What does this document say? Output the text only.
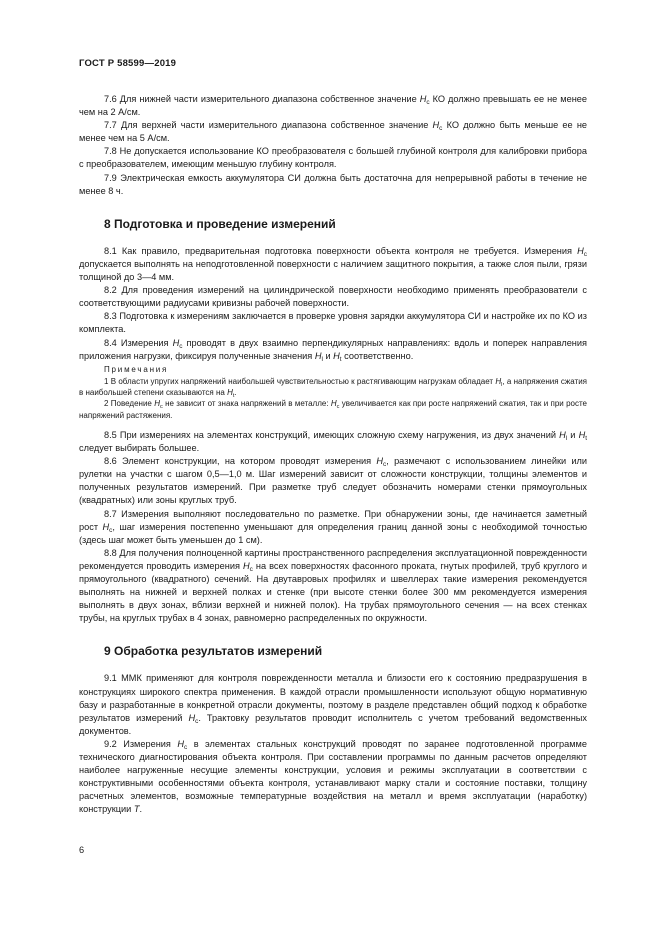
ГОСТ Р 58599—2019

7.6 Для нижней части измерительного диапазона собственное значение $H_с$ КО должно превышать ее не менее чем на 2 А/см.

7.7 Для верхней части измерительного диапазона собственное значение $H_с$ КО должно быть меньше ее не менее чем на 5 А/см.

7.8 Не допускается использование КО преобразователя с большей глубиной контроля для калибровки прибора с преобразователем, имеющим меньшую глубину контроля.

7.9 Электрическая емкость аккумулятора СИ должна быть достаточна для непрерывной работы в течение не менее 8 ч.

8 Подготовка и проведение измерений

8.1 Как правило, предварительная подготовка поверхности объекта контроля не требуется. Измерения $H_с$ допускается выполнять на неподготовленной поверхности с наличием защитного покрытия, а также слоя пыли, грязи толщиной до 3—4 мм.

8.2 Для проведения измерений на цилиндрической поверхности необходимо применять преобразователи с соответствующими радиусами кривизны рабочей поверхности.

8.3 Подготовка к измерениям заключается в проверке уровня зарядки аккумулятора СИ и настройке их по КО из комплекта.

8.4 Измерения $H_с$ проводят в двух взаимно перпендикулярных направлениях: вдоль и поперек направления приложения нагрузки, фиксируя полученные значения $H_l$ и $H_t$ соответственно.

Примечания

1 В области упругих напряжений наибольшей чувствительностью к растягивающим нагрузкам обладает $H_l$, а напряжения сжатия в наибольшей степени сказываются на $H_t$.

2 Поведение $H_с$ не зависит от знака напряжений в металле: $H_с$ увеличивается как при росте напряжений сжатия, так и при росте напряжений растяжения.

8.5 При измерениях на элементах конструкций, имеющих сложную схему нагружения, из двух значений $H_l$ и $H_t$ следует выбирать большее.

8.6 Элемент конструкции, на котором проводят измерения $H_с$, размечают с использованием линейки или рулетки на участки с шагом 0,5—1,0 м. Шаг измерений зависит от сложности конструкции, толщины элементов и полученных результатов измерений. При разметке труб следует обозначить номерами стенки прямоугольных (квадратных) или зоны круглых труб.

8.7 Измерения выполняют последовательно по разметке. При обнаружении зоны, где начинается заметный рост $H_с$, шаг измерения постепенно уменьшают для определения границ данной зоны с необходимой точностью (здесь шаг может быть уменьшен до 1 см).

8.8 Для получения полноценной картины пространственного распределения эксплуатационной поврежденности рекомендуется проводить измерения $H_с$ на всех поверхностях фасонного проката, гнутых профилей, труб круглого и прямоугольного (квадратного) сечений. На двутавровых профилях и швеллерах такие измерения рекомендуется выполнять на нижней и верхней полках и стенке (при высоте стенки более 300 мм рекомендуется измерения выполнять в двух зонах, вблизи верхней и нижней полок). На трубах прямоугольного сечения — на всех стенках трубы, на круглых трубах в 4 зонах, равномерно распределенных по окружности.

9 Обработка результатов измерений

9.1 ММК применяют для контроля поврежденности металла и близости его к состоянию предразрушения в конструкциях широкого спектра применения. В каждой отрасли промышленности используют общую нормативную базу и разработанные в конкретной отрасли документы, поэтому в разделе представлен общий подход к обработке результатов измерений $H_с$. Трактовку результатов проводит исполнитель с учетом требований ведомственных документов.

9.2 Измерения $H_с$ в элементах стальных конструкций проводят по заранее подготовленной программе технического диагностирования объекта контроля. При составлении программы по данным расчетов определяют наиболее нагруженные несущие элементы конструкции, условия и режимы эксплуатации в соответствии с конструктивными особенностями объекта контроля, устанавливают марку стали и состояние поставки, толщину расчетных элементов, возможные температурные воздействия на металл и время эксплуатации (наработку) конструкции T.

6
